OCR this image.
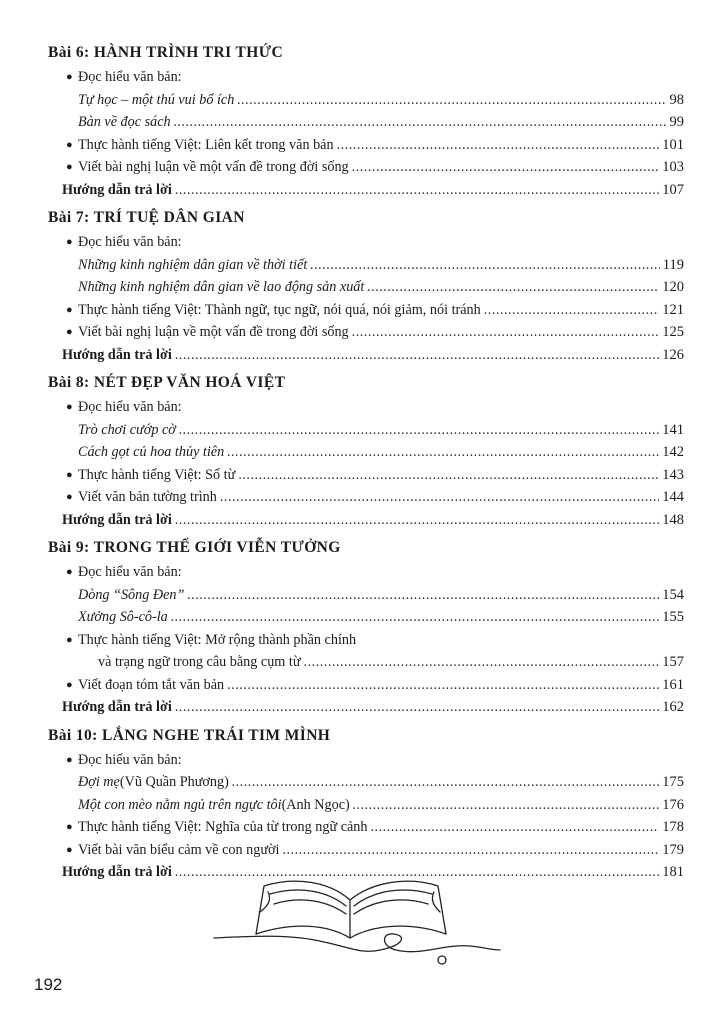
Bài 6: HÀNH TRÌNH TRI THỨC
● Đọc hiểu văn bản:
Tự học – một thú vui bổ ích .....	98
Bàn về đọc sách .....	99
● Thực hành tiếng Việt: Liên kết trong văn bản .....	101
● Viết bài nghị luận về một vấn đề trong đời sống .....	103
Hướng dẫn trả lời .....	107
Bài 7: TRÍ TUỆ DÂN GIAN
● Đọc hiểu văn bản:
Những kinh nghiệm dân gian về thời tiết .....	119
Những kinh nghiệm dân gian về lao động sản xuất .....	120
● Thực hành tiếng Việt: Thành ngữ, tục ngữ, nói quá, nói giảm, nói tránh .....	121
● Viết bài nghị luận về một vấn đề trong đời sống .....	125
Hướng dẫn trả lời .....	126
Bài 8: NÉT ĐẸP VĂN HOÁ VIỆT
● Đọc hiểu văn bản:
Trò chơi cướp cờ .....	141
Cách gọt củ hoa thủy tiên .....	142
● Thực hành tiếng Việt: Số từ .....	143
● Viết văn bản tường trình .....	144
Hướng dẫn trả lời .....	148
Bài 9: TRONG THẾ GIỚI VIỄN TƯỞNG
● Đọc hiểu văn bản:
Dòng “Sông Đen” .....	154
Xưởng Sô-cô-la .....	155
● Thực hành tiếng Việt: Mở rộng thành phần chính
và trạng ngữ trong câu bằng cụm từ .....	157
● Viết đoạn tóm tắt văn bản .....	161
Hướng dẫn trả lời .....	162
Bài 10: LẮNG NGHE TRÁI TIM MÌNH
● Đọc hiểu văn bản:
Đợi mẹ (Vũ Quần Phương) .....	175
Một con mèo nằm ngủ trên ngực tôi (Anh Ngọc) .....	176
● Thực hành tiếng Việt: Nghĩa của từ trong ngữ cảnh .....	178
● Viết bài văn biểu cảm về con người .....	179
Hướng dẫn trả lời .....	181
192
